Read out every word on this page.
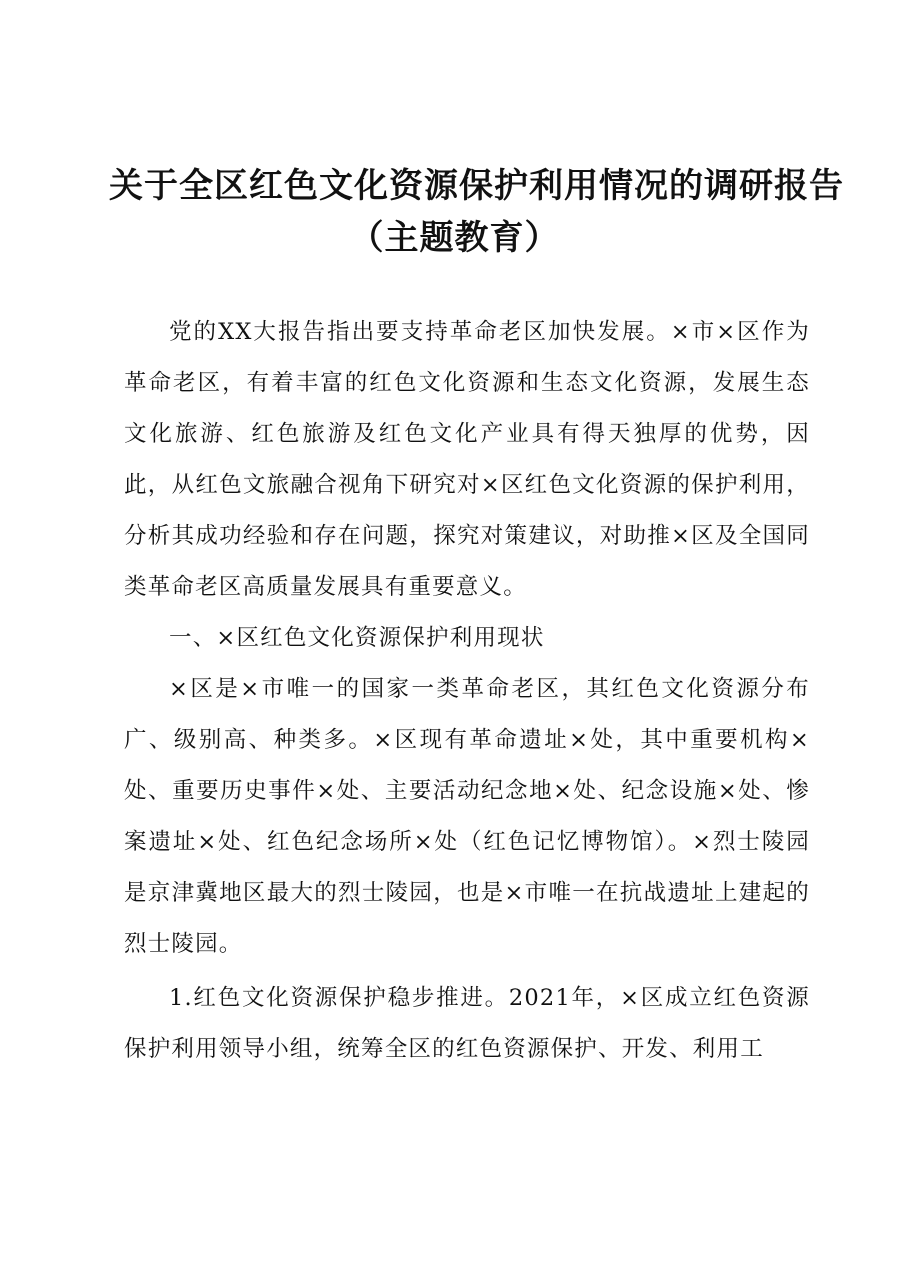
关于全区红色文化资源保护利用情况的调研报告
（主题教育）

党的XX大报告指出要支持革命老区加快发展。×市×区作为革命老区，有着丰富的红色文化资源和生态文化资源，发展生态文化旅游、红色旅游及红色文化产业具有得天独厚的优势，因此，从红色文旅融合视角下研究对×区红色文化资源的保护利用，分析其成功经验和存在问题，探究对策建议，对助推×区及全国同类革命老区高质量发展具有重要意义。

一、×区红色文化资源保护利用现状

×区是×市唯一的国家一类革命老区，其红色文化资源分布广、级别高、种类多。×区现有革命遗址×处，其中重要机构×处、重要历史事件×处、主要活动纪念地×处、纪念设施×处、惨案遗址×处、红色纪念场所×处（红色记忆博物馆）。×烈士陵园是京津冀地区最大的烈士陵园，也是×市唯一在抗战遗址上建起的烈士陵园。

1.红色文化资源保护稳步推进。2021年，×区成立红色资源保护利用领导小组，统筹全区的红色资源保护、开发、利用工
